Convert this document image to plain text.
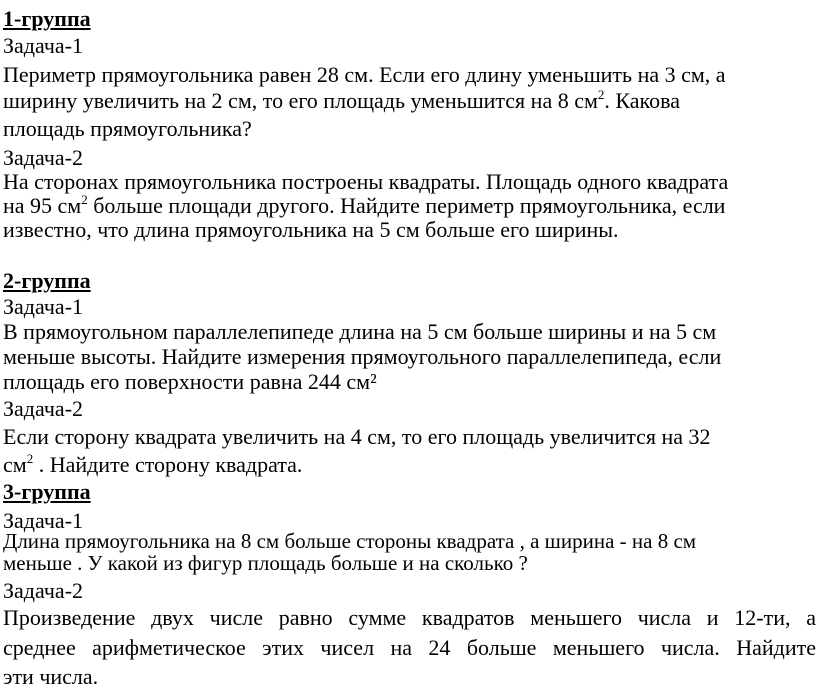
1-группа
Задача-1
Периметр прямоугольника равен 28 см. Если его длину уменьшить на 3 см, а
ширину увеличить на 2 см, то его площадь уменьшится на 8 $см^2$. Какова
площадь прямоугольника?
Задача-2
На сторонах прямоугольника построены квадраты. Площадь одного квадрата
на 95 $см^2$ больше площади другого. Найдите периметр прямоугольника, если
известно, что длина прямоугольника на 5 см больше его ширины.
2-группа
Задача-1
В прямоугольном параллелепипеде длина на 5 см больше ширины и на 5 см
меньше высоты. Найдите измерения прямоугольного параллелепипеда, если
площадь его поверхности равна 244 см²
Задача-2
Если сторону квадрата увеличить на 4 см, то его площадь увеличится на 32
$см^2$ . Найдите сторону квадрата.
3-группа
Задача-1
Длина прямоугольника на 8 см больше стороны квадрата , а ширина - на 8 см
меньше . У какой из фигур площадь больше и на сколько ?
Задача-2
Произведение двух числе равно сумме квадратов меньшего числа и 12-ти, а
среднее арифметическое этих чисел на 24 больше меньшего числа. Найдите
эти числа.
